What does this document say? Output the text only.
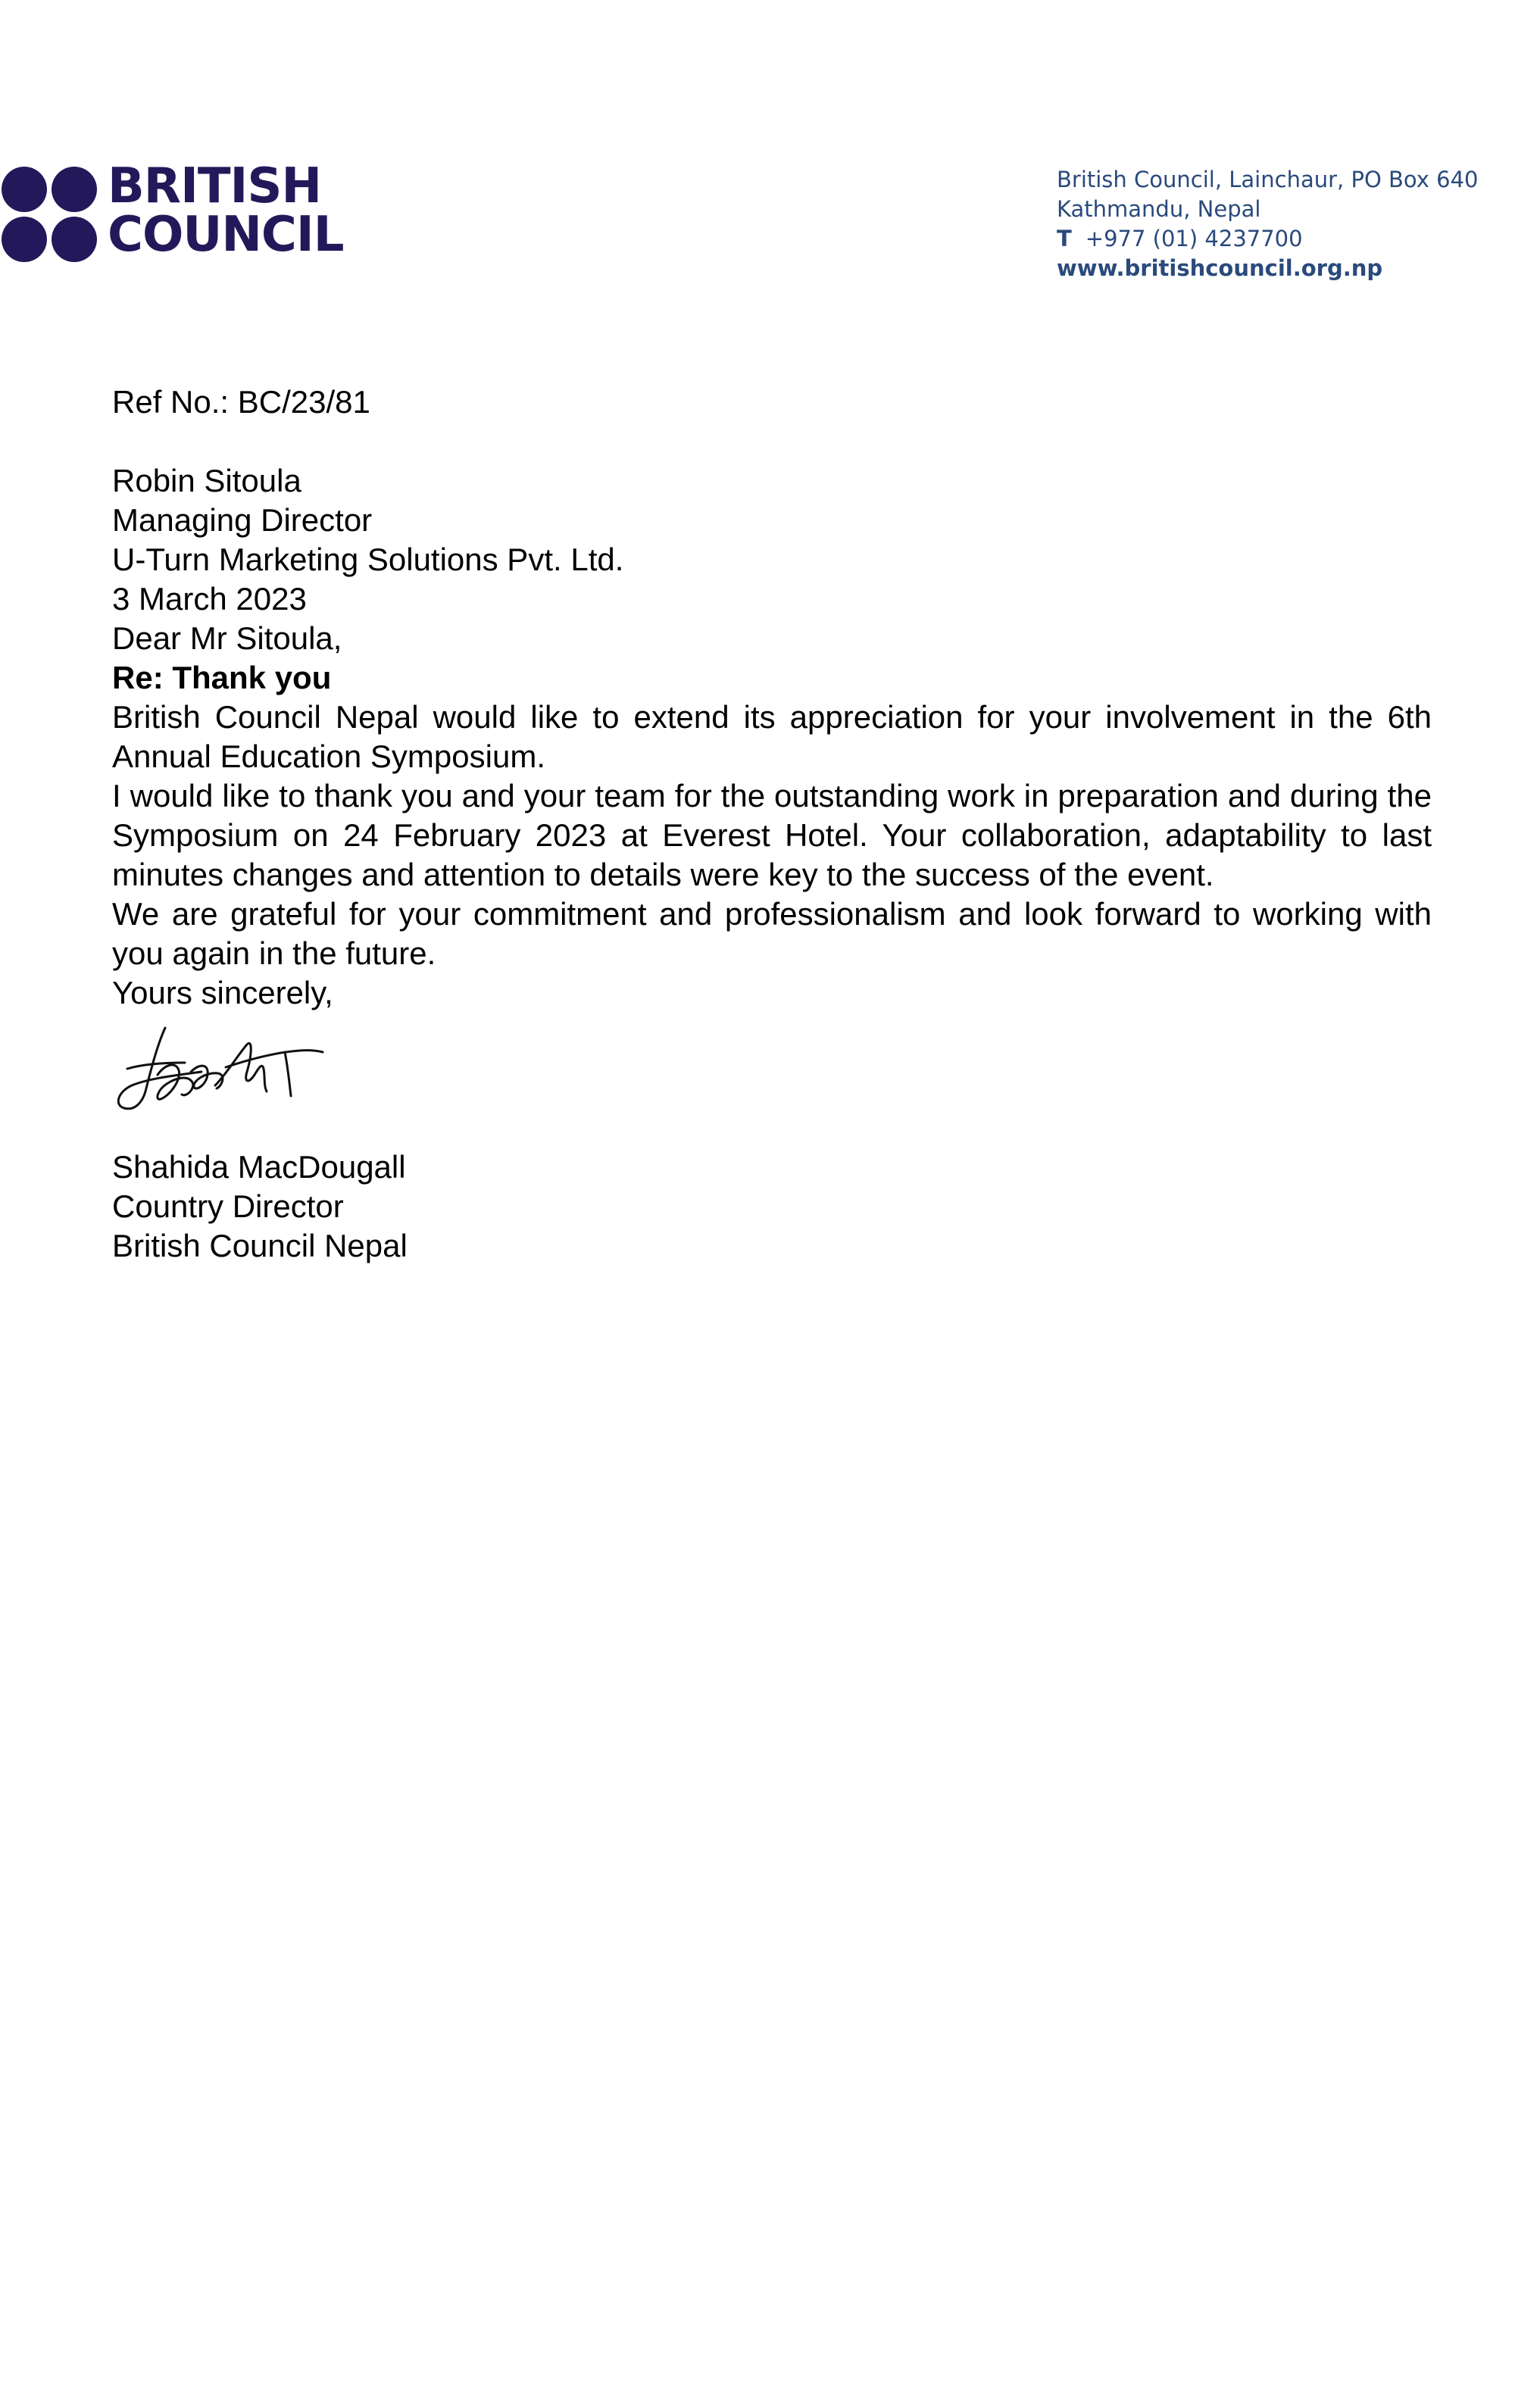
BRITISH
COUNCIL
British Council, Lainchaur, PO Box 640
Kathmandu, Nepal
T +977 (01) 4237700
www.britishcouncil.org.np

Ref No.: BC/23/81

Robin Sitoula
Managing Director
U-Turn Marketing Solutions Pvt. Ltd.

3 March 2023

Dear Mr Sitoula,

Re: Thank you

British Council Nepal would like to extend its appreciation for your involvement in the 6th Annual Education Symposium.

I would like to thank you and your team for the outstanding work in preparation and during the Symposium on 24 February 2023 at Everest Hotel. Your collaboration, adaptability to last minutes changes and attention to details were key to the success of the event.

We are grateful for your commitment and professionalism and look forward to working with you again in the future.

Yours sincerely,

Shahida MacDougall
Country Director
British Council Nepal
